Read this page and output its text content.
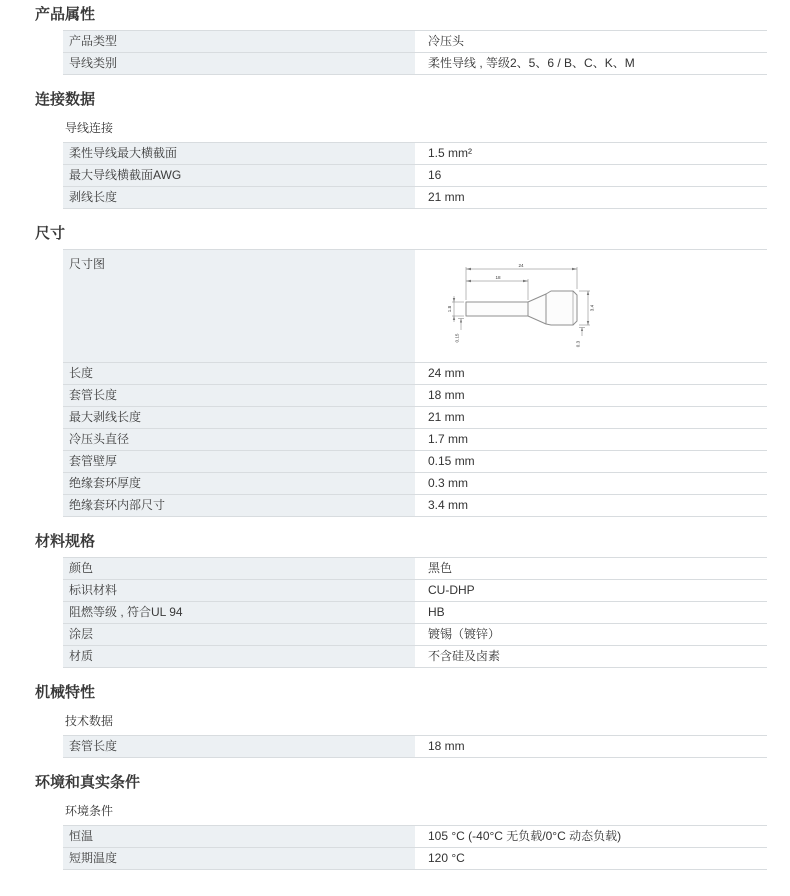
产品属性
产品类型	冷压头
导线类别	柔性导线 , 等级2、5、6 / B、C、K、M
连接数据
导线连接
柔性导线最大横截面	1.5 mm²
最大导线横截面AWG	16
剥线长度	21 mm
尺寸
尺寸图	24
18
1.8
0.15
3.4
0.3
长度	24 mm
套管长度	18 mm
最大剥线长度	21 mm
冷压头直径	1.7 mm
套管壁厚	0.15 mm
绝缘套环厚度	0.3 mm
绝缘套环内部尺寸	3.4 mm
材料规格
颜色	黑色
标识材料	CU-DHP
阻燃等级 , 符合UL 94	HB
涂层	镀锡（镀锌）
材质	不含硅及卤素
机械特性
技术数据
套管长度	18 mm
环境和真实条件
环境条件
恒温	105 °C (-40°C 无负载/0°C 动态负载)
短期温度	120 °C
